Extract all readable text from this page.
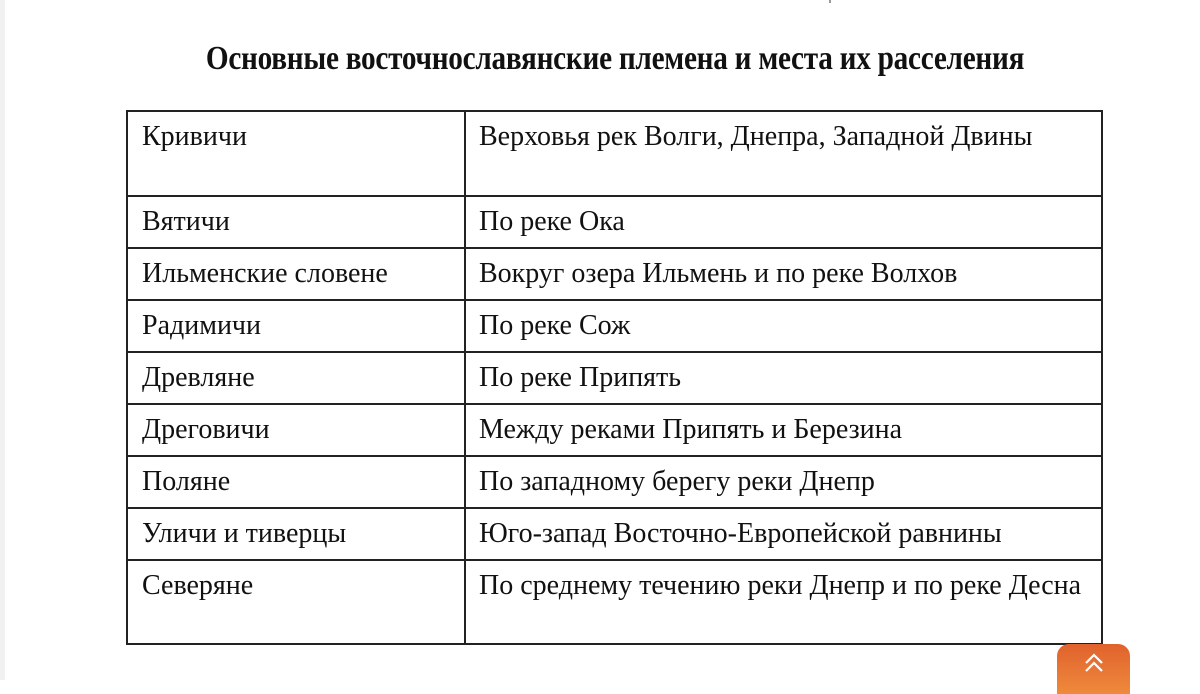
Основные восточнославянские племена и места их расселения
Кривичи	Верховья рек Волги, Днепра, Западной Двины
Вятичи	По реке Ока
Ильменские словене	Вокруг озера Ильмень и по реке Волхов
Радимичи	По реке Сож
Древляне	По реке Припять
Дреговичи	Между реками Припять и Березина
Поляне	По западному берегу реки Днепр
Уличи и тиверцы	Юго-запад Восточно-Европейской равнины
Северяне	По среднему течению реки Днепр и по реке Десна
